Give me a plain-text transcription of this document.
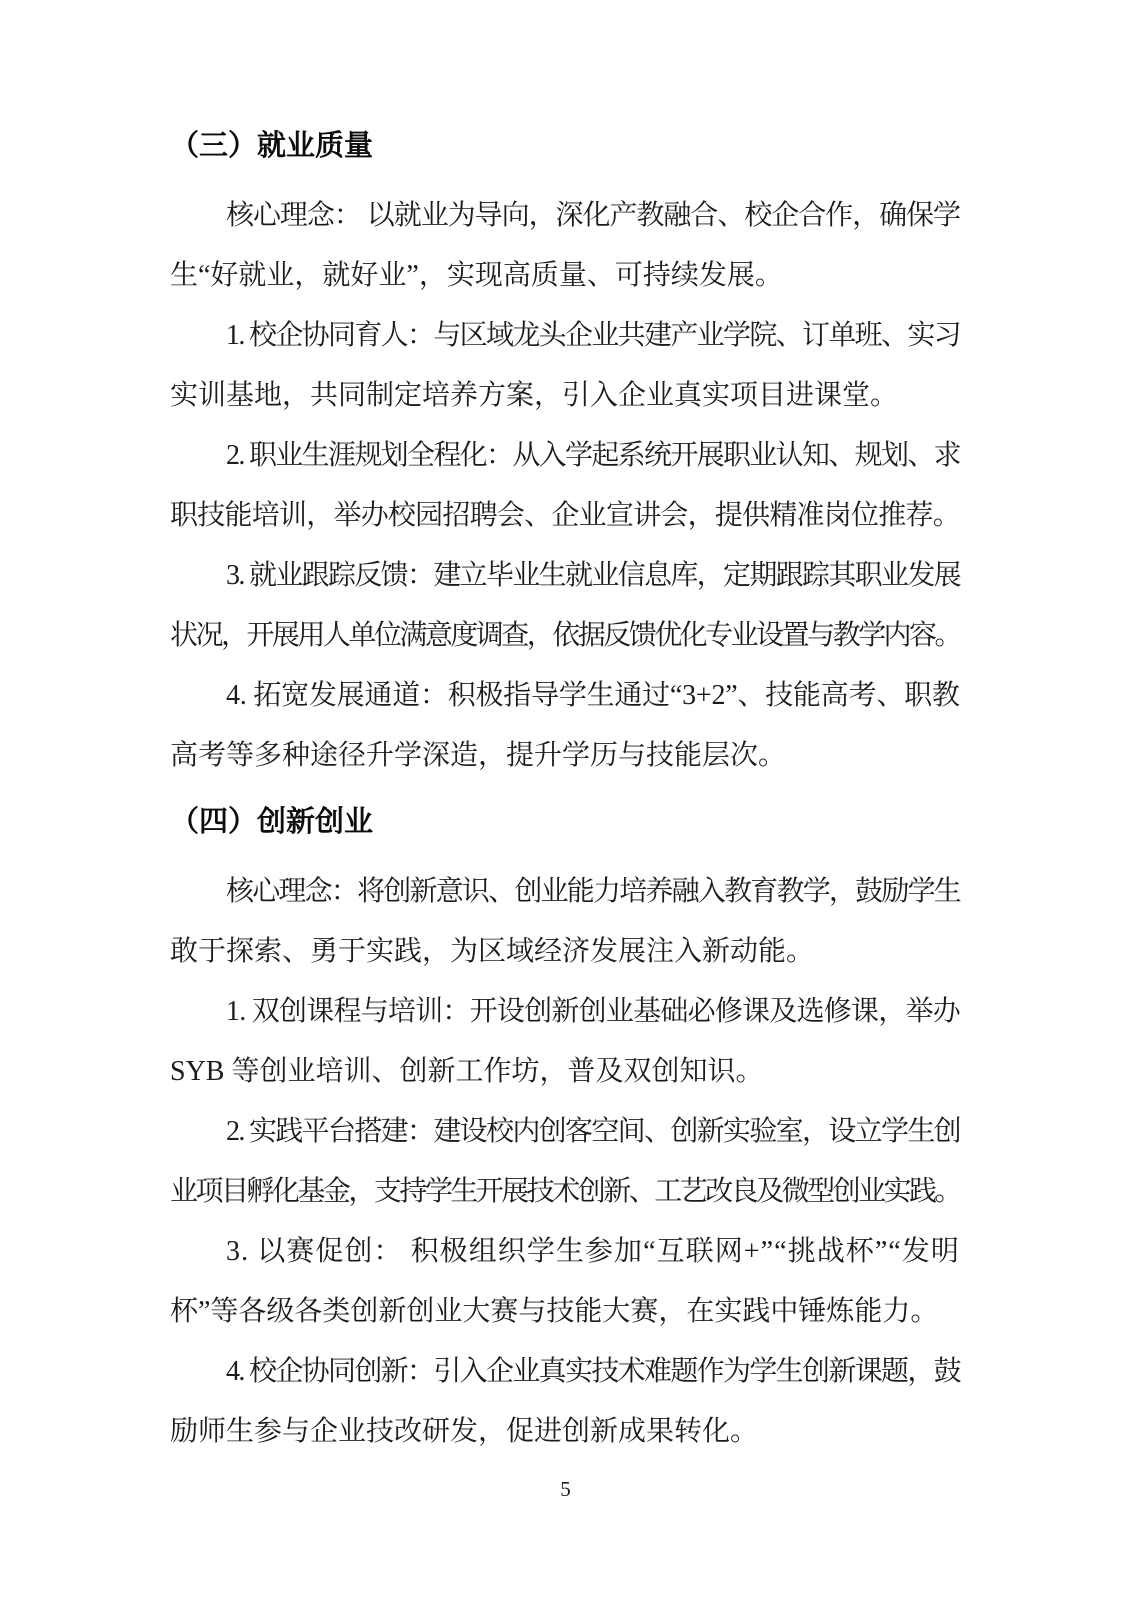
（三）就业质量
核心理念： 以就业为导向，深化产教融合、校企合作，确保学
生“好就业，就好业”，实现高质量、可持续发展。
1. 校企协同育人：与区域龙头企业共建产业学院、订单班、实习
实训基地，共同制定培养方案，引入企业真实项目进课堂。
2. 职业生涯规划全程化：从入学起系统开展职业认知、规划、求
职技能培训，举办校园招聘会、企业宣讲会，提供精准岗位推荐。
3. 就业跟踪反馈：建立毕业生就业信息库，定期跟踪其职业发展
状况，开展用人单位满意度调查，依据反馈优化专业设置与教学内容。
4. 拓宽发展通道：积极指导学生通过“3+2”、技能高考、职教
高考等多种途径升学深造，提升学历与技能层次。
（四）创新创业
核心理念：将创新意识、创业能力培养融入教育教学，鼓励学生
敢于探索、勇于实践，为区域经济发展注入新动能。
1. 双创课程与培训：开设创新创业基础必修课及选修课，举办
SYB 等创业培训、创新工作坊，普及双创知识。
2. 实践平台搭建：建设校内创客空间、创新实验室，设立学生创
业项目孵化基金，支持学生开展技术创新、工艺改良及微型创业实践。
3. 以赛促创： 积极组织学生参加“互联网+”“挑战杯”“发明
杯”等各级各类创新创业大赛与技能大赛，在实践中锤炼能力。
4. 校企协同创新：引入企业真实技术难题作为学生创新课题，鼓
励师生参与企业技改研发，促进创新成果转化。
5
